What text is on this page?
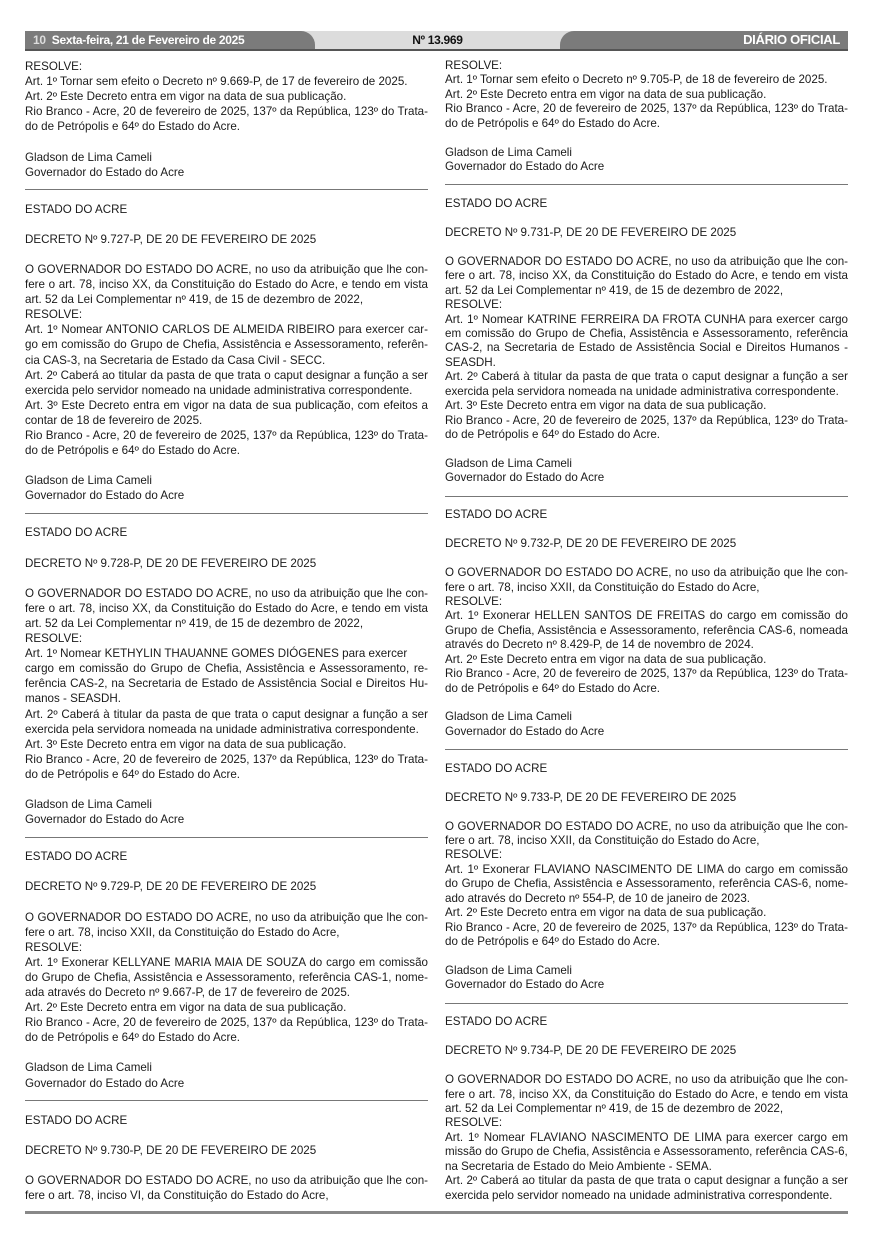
10 Sexta-feira, 21 de Fevereiro de 2025	Nº 13.969	DIÁRIO OFICIAL
RESOLVE:
Art. 1º Tornar sem efeito o Decreto nº 9.669-P, de 17 de fevereiro de 2025.
Art. 2º Este Decreto entra em vigor na data de sua publicação.
Rio Branco - Acre, 20 de fevereiro de 2025, 137º da República, 123º do Trata-
do de Petrópolis e 64º do Estado do Acre.
Gladson de Lima Cameli
Governador do Estado do Acre
ESTADO DO ACRE
DECRETO Nº 9.727-P, DE 20 DE FEVEREIRO DE 2025
O GOVERNADOR DO ESTADO DO ACRE, no uso da atribuição que lhe con-
fere o art. 78, inciso XX, da Constituição do Estado do Acre, e tendo em vista
art. 52 da Lei Complementar nº 419, de 15 de dezembro de 2022,
RESOLVE:
Art. 1º Nomear ANTONIO CARLOS DE ALMEIDA RIBEIRO para exercer car-
go em comissão do Grupo de Chefia, Assistência e Assessoramento, referên-
cia CAS-3, na Secretaria de Estado da Casa Civil - SECC.
Art. 2º Caberá ao titular da pasta de que trata o caput designar a função a ser
exercida pelo servidor nomeado na unidade administrativa correspondente.
Art. 3º Este Decreto entra em vigor na data de sua publicação, com efeitos a
contar de 18 de fevereiro de 2025.
Rio Branco - Acre, 20 de fevereiro de 2025, 137º da República, 123º do Trata-
do de Petrópolis e 64º do Estado do Acre.
Gladson de Lima Cameli
Governador do Estado do Acre
ESTADO DO ACRE
DECRETO Nº 9.728-P, DE 20 DE FEVEREIRO DE 2025
O GOVERNADOR DO ESTADO DO ACRE, no uso da atribuição que lhe con-
fere o art. 78, inciso XX, da Constituição do Estado do Acre, e tendo em vista
art. 52 da Lei Complementar nº 419, de 15 de dezembro de 2022,
RESOLVE:
Art. 1º Nomear KETHYLIN THAUANNE GOMES DIÓGENES para exercer
cargo em comissão do Grupo de Chefia, Assistência e Assessoramento, re-
ferência CAS-2, na Secretaria de Estado de Assistência Social e Direitos Hu-
manos - SEASDH.
Art. 2º Caberá à titular da pasta de que trata o caput designar a função a ser
exercida pela servidora nomeada na unidade administrativa correspondente.
Art. 3º Este Decreto entra em vigor na data de sua publicação.
Rio Branco - Acre, 20 de fevereiro de 2025, 137º da República, 123º do Trata-
do de Petrópolis e 64º do Estado do Acre.
Gladson de Lima Cameli
Governador do Estado do Acre
ESTADO DO ACRE
DECRETO Nº 9.729-P, DE 20 DE FEVEREIRO DE 2025
O GOVERNADOR DO ESTADO DO ACRE, no uso da atribuição que lhe con-
fere o art. 78, inciso XXII, da Constituição do Estado do Acre,
RESOLVE:
Art. 1º Exonerar KELLYANE MARIA MAIA DE SOUZA do cargo em comissão
do Grupo de Chefia, Assistência e Assessoramento, referência CAS-1, nome-
ada através do Decreto nº 9.667-P, de 17 de fevereiro de 2025.
Art. 2º Este Decreto entra em vigor na data de sua publicação.
Rio Branco - Acre, 20 de fevereiro de 2025, 137º da República, 123º do Trata-
do de Petrópolis e 64º do Estado do Acre.
Gladson de Lima Cameli
Governador do Estado do Acre
ESTADO DO ACRE
DECRETO Nº 9.730-P, DE 20 DE FEVEREIRO DE 2025
O GOVERNADOR DO ESTADO DO ACRE, no uso da atribuição que lhe con-
fere o art. 78, inciso VI, da Constituição do Estado do Acre,
RESOLVE:
Art. 1º Tornar sem efeito o Decreto nº 9.705-P, de 18 de fevereiro de 2025.
Art. 2º Este Decreto entra em vigor na data de sua publicação.
Rio Branco - Acre, 20 de fevereiro de 2025, 137º da República, 123º do Trata-
do de Petrópolis e 64º do Estado do Acre.
Gladson de Lima Cameli
Governador do Estado do Acre
ESTADO DO ACRE
DECRETO Nº 9.731-P, DE 20 DE FEVEREIRO DE 2025
O GOVERNADOR DO ESTADO DO ACRE, no uso da atribuição que lhe con-
fere o art. 78, inciso XX, da Constituição do Estado do Acre, e tendo em vista
art. 52 da Lei Complementar nº 419, de 15 de dezembro de 2022,
RESOLVE:
Art. 1º Nomear KATRINE FERREIRA DA FROTA CUNHA para exercer cargo
em comissão do Grupo de Chefia, Assistência e Assessoramento, referência
CAS-2, na Secretaria de Estado de Assistência Social e Direitos Humanos -
SEASDH.
Art. 2º Caberá à titular da pasta de que trata o caput designar a função a ser
exercida pela servidora nomeada na unidade administrativa correspondente.
Art. 3º Este Decreto entra em vigor na data de sua publicação.
Rio Branco - Acre, 20 de fevereiro de 2025, 137º da República, 123º do Trata-
do de Petrópolis e 64º do Estado do Acre.
Gladson de Lima Cameli
Governador do Estado do Acre
ESTADO DO ACRE
DECRETO Nº 9.732-P, DE 20 DE FEVEREIRO DE 2025
O GOVERNADOR DO ESTADO DO ACRE, no uso da atribuição que lhe con-
fere o art. 78, inciso XXII, da Constituição do Estado do Acre,
RESOLVE:
Art. 1º Exonerar HELLEN SANTOS DE FREITAS do cargo em comissão do
Grupo de Chefia, Assistência e Assessoramento, referência CAS-6, nomeada
através do Decreto nº 8.429-P, de 14 de novembro de 2024.
Art. 2º Este Decreto entra em vigor na data de sua publicação.
Rio Branco - Acre, 20 de fevereiro de 2025, 137º da República, 123º do Trata-
do de Petrópolis e 64º do Estado do Acre.
Gladson de Lima Cameli
Governador do Estado do Acre
ESTADO DO ACRE
DECRETO Nº 9.733-P, DE 20 DE FEVEREIRO DE 2025
O GOVERNADOR DO ESTADO DO ACRE, no uso da atribuição que lhe con-
fere o art. 78, inciso XXII, da Constituição do Estado do Acre,
RESOLVE:
Art. 1º Exonerar FLAVIANO NASCIMENTO DE LIMA do cargo em comissão
do Grupo de Chefia, Assistência e Assessoramento, referência CAS-6, nome-
ado através do Decreto nº 554-P, de 10 de janeiro de 2023.
Art. 2º Este Decreto entra em vigor na data de sua publicação.
Rio Branco - Acre, 20 de fevereiro de 2025, 137º da República, 123º do Trata-
do de Petrópolis e 64º do Estado do Acre.
Gladson de Lima Cameli
Governador do Estado do Acre
ESTADO DO ACRE
DECRETO Nº 9.734-P, DE 20 DE FEVEREIRO DE 2025
O GOVERNADOR DO ESTADO DO ACRE, no uso da atribuição que lhe con-
fere o art. 78, inciso XX, da Constituição do Estado do Acre, e tendo em vista
art. 52 da Lei Complementar nº 419, de 15 de dezembro de 2022,
RESOLVE:
Art. 1º Nomear FLAVIANO NASCIMENTO DE LIMA para exercer cargo em
missão do Grupo de Chefia, Assistência e Assessoramento, referência CAS-6,
na Secretaria de Estado do Meio Ambiente - SEMA.
Art. 2º Caberá ao titular da pasta de que trata o caput designar a função a ser
exercida pelo servidor nomeado na unidade administrativa correspondente.
